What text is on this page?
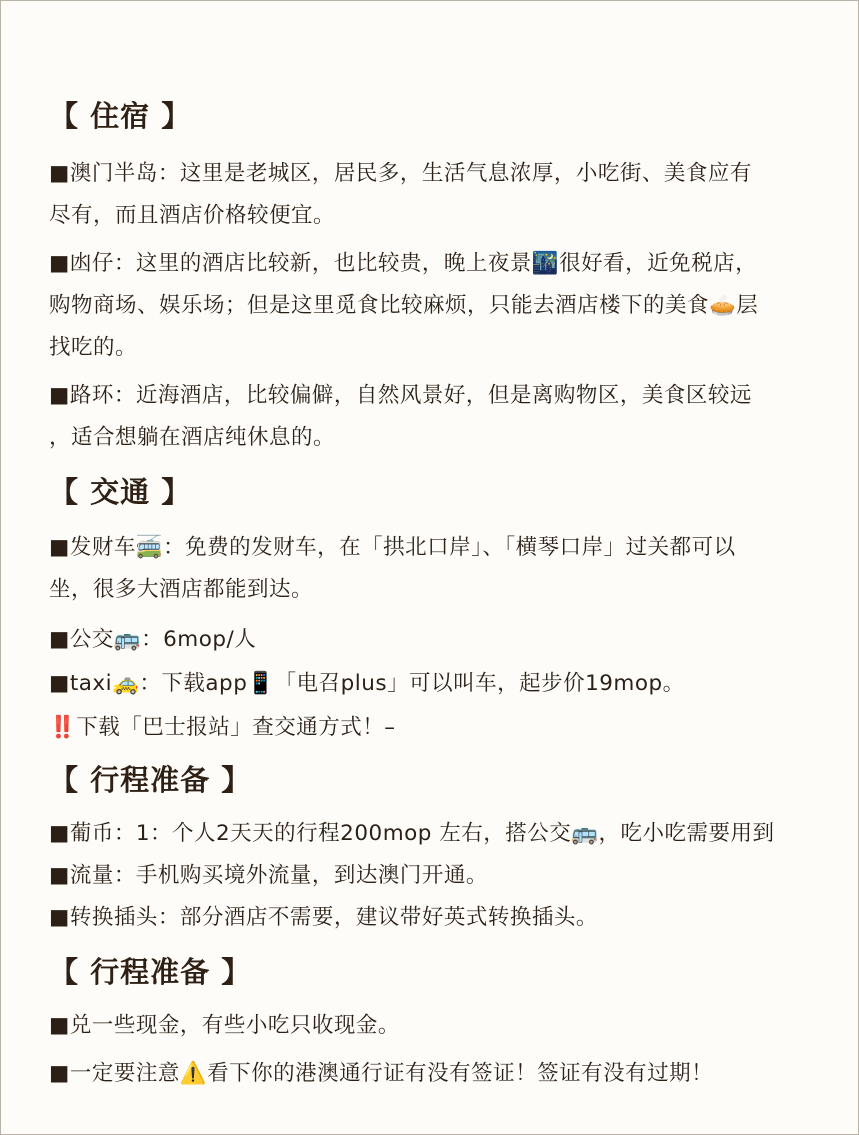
【 住宿 】
■澳门半岛：这里是老城区，居民多，生活气息浓厚，小吃街、美食应有
尽有，而且酒店价格较便宜。
■凼仔：这里的酒店比较新，也比较贵，晚上夜景🌃很好看，近免税店，
购物商场、娱乐场；但是这里觅食比较麻烦，只能去酒店楼下的美食🥧层
找吃的。
■路环：近海酒店，比较偏僻，自然风景好，但是离购物区，美食区较远
，适合想躺在酒店纯休息的。
【 交通 】
■发财车🚎：免费的发财车，在「拱北口岸」、「横琴口岸」过关都可以
坐，很多大酒店都能到达。
■公交🚌：6mop/人
■taxi🚕：下载app📱「电召plus」可以叫车，起步价19mop。
‼️下载「巴士报站」查交通方式！–
【 行程准备 】
■葡币：1：个人2天天的行程200mop 左右，搭公交🚌，吃小吃需要用到
■流量：手机购买境外流量，到达澳门开通。
■转换插头：部分酒店不需要，建议带好英式转换插头。
【 行程准备 】
■兑一些现金，有些小吃只收现金。
■一定要注意⚠️看下你的港澳通行证有没有签证！签证有没有过期！
